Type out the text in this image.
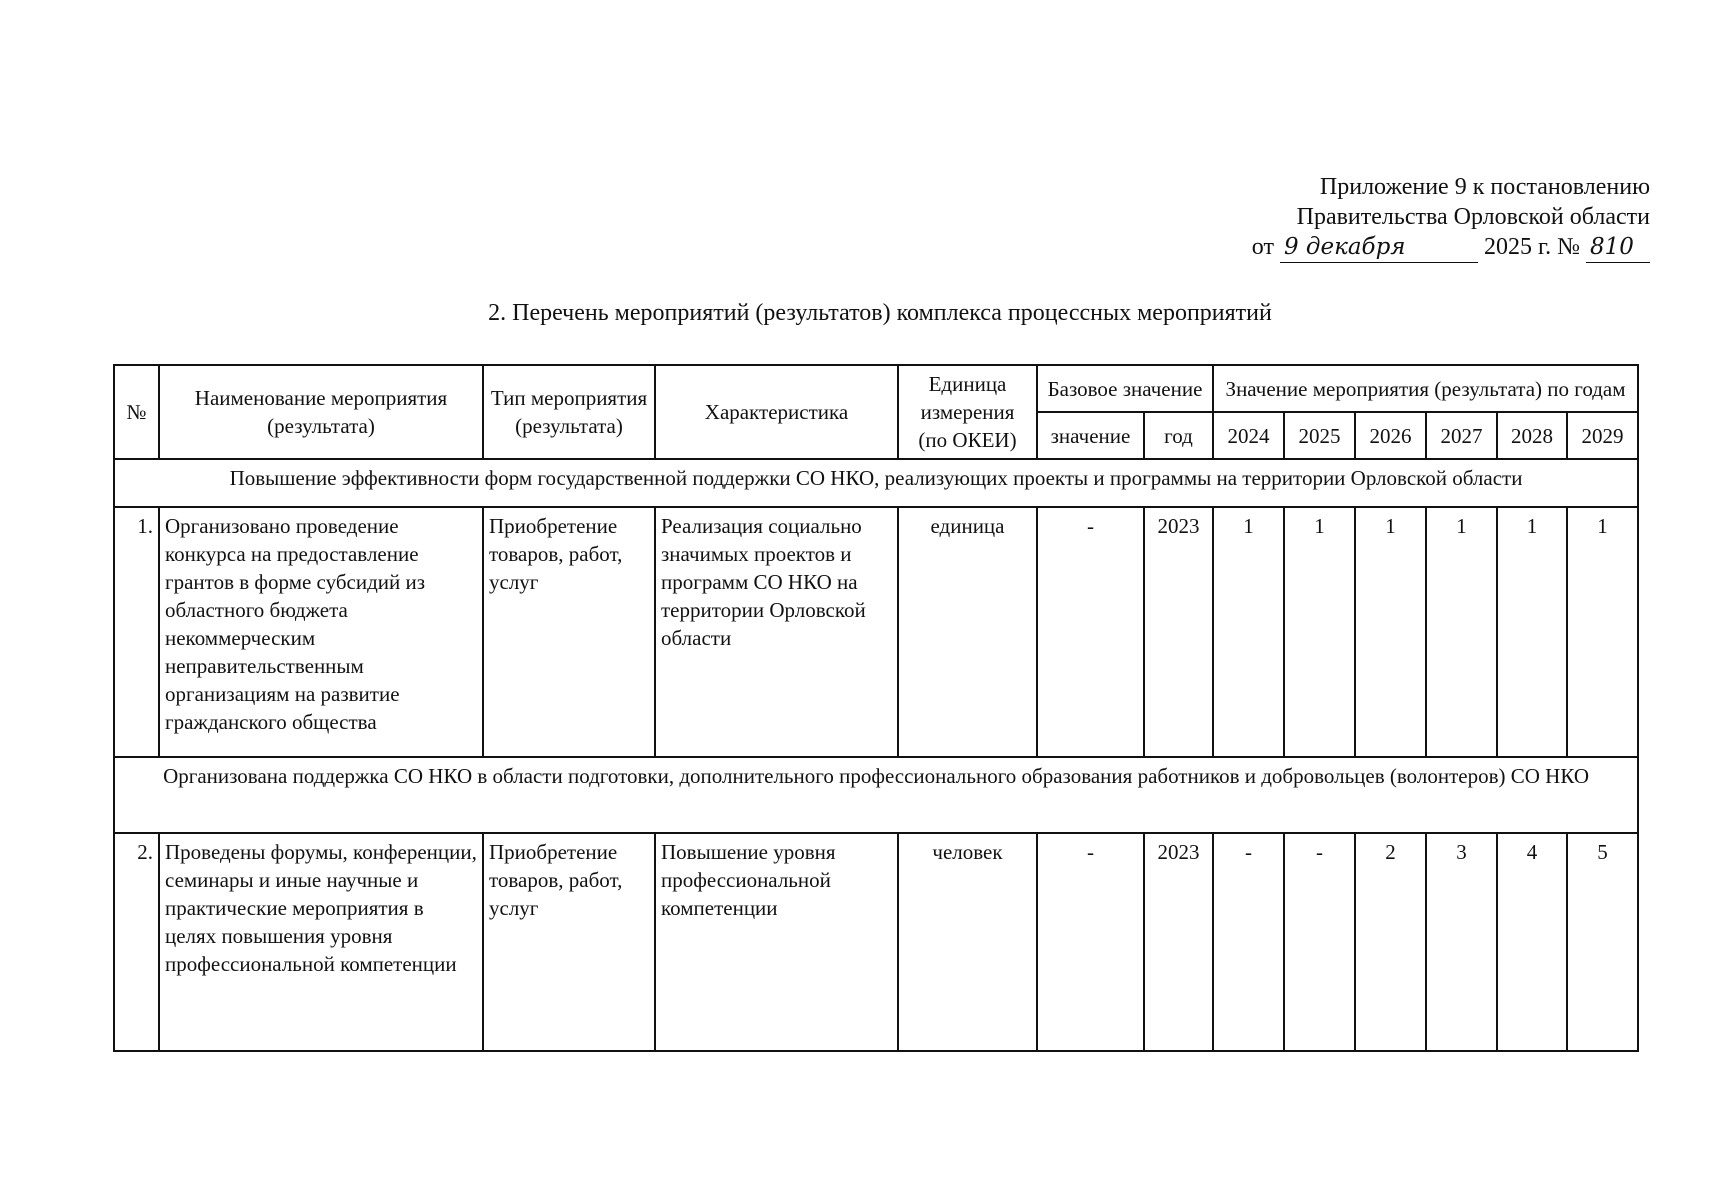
Приложение 9 к постановлению
Правительства Орловской области
от 9 декабря	2025 г. № 810
2. Перечень мероприятий (результатов) комплекса процессных мероприятий
№	Наименование мероприятия (результата)	Тип мероприятия (результата)	Характеристика	Единица измерения (по ОКЕИ)	Базовое значение		Значение мероприятия (результата) по годам					
					значение	год	2024	2025	2026	2027	2028	2029
Повышение эффективности форм государственной поддержки СО НКО, реализующих проекты и программы на территории Орловской области												
1.	Организовано проведение конкурса на предоставление грантов в форме субсидий из областного бюджета некоммерческим неправительственным организациям на развитие гражданского общества	Приобретение товаров, работ, услуг	Реализация социально значимых проектов и программ СО НКО на территории Орловской области	единица	-	2023	1	1	1	1	1	1
Организована поддержка СО НКО в области подготовки, дополнительного профессионального образования работников и добровольцев (волонтеров) СО НКО												
2.	Проведены форумы, конференции, семинары и иные научные и практические мероприятия в целях повышения уровня профессиональной компетенции	Приобретение товаров, работ, услуг	Повышение уровня профессиональной компетенции	человек	-	2023	-	-	2	3	4	5
